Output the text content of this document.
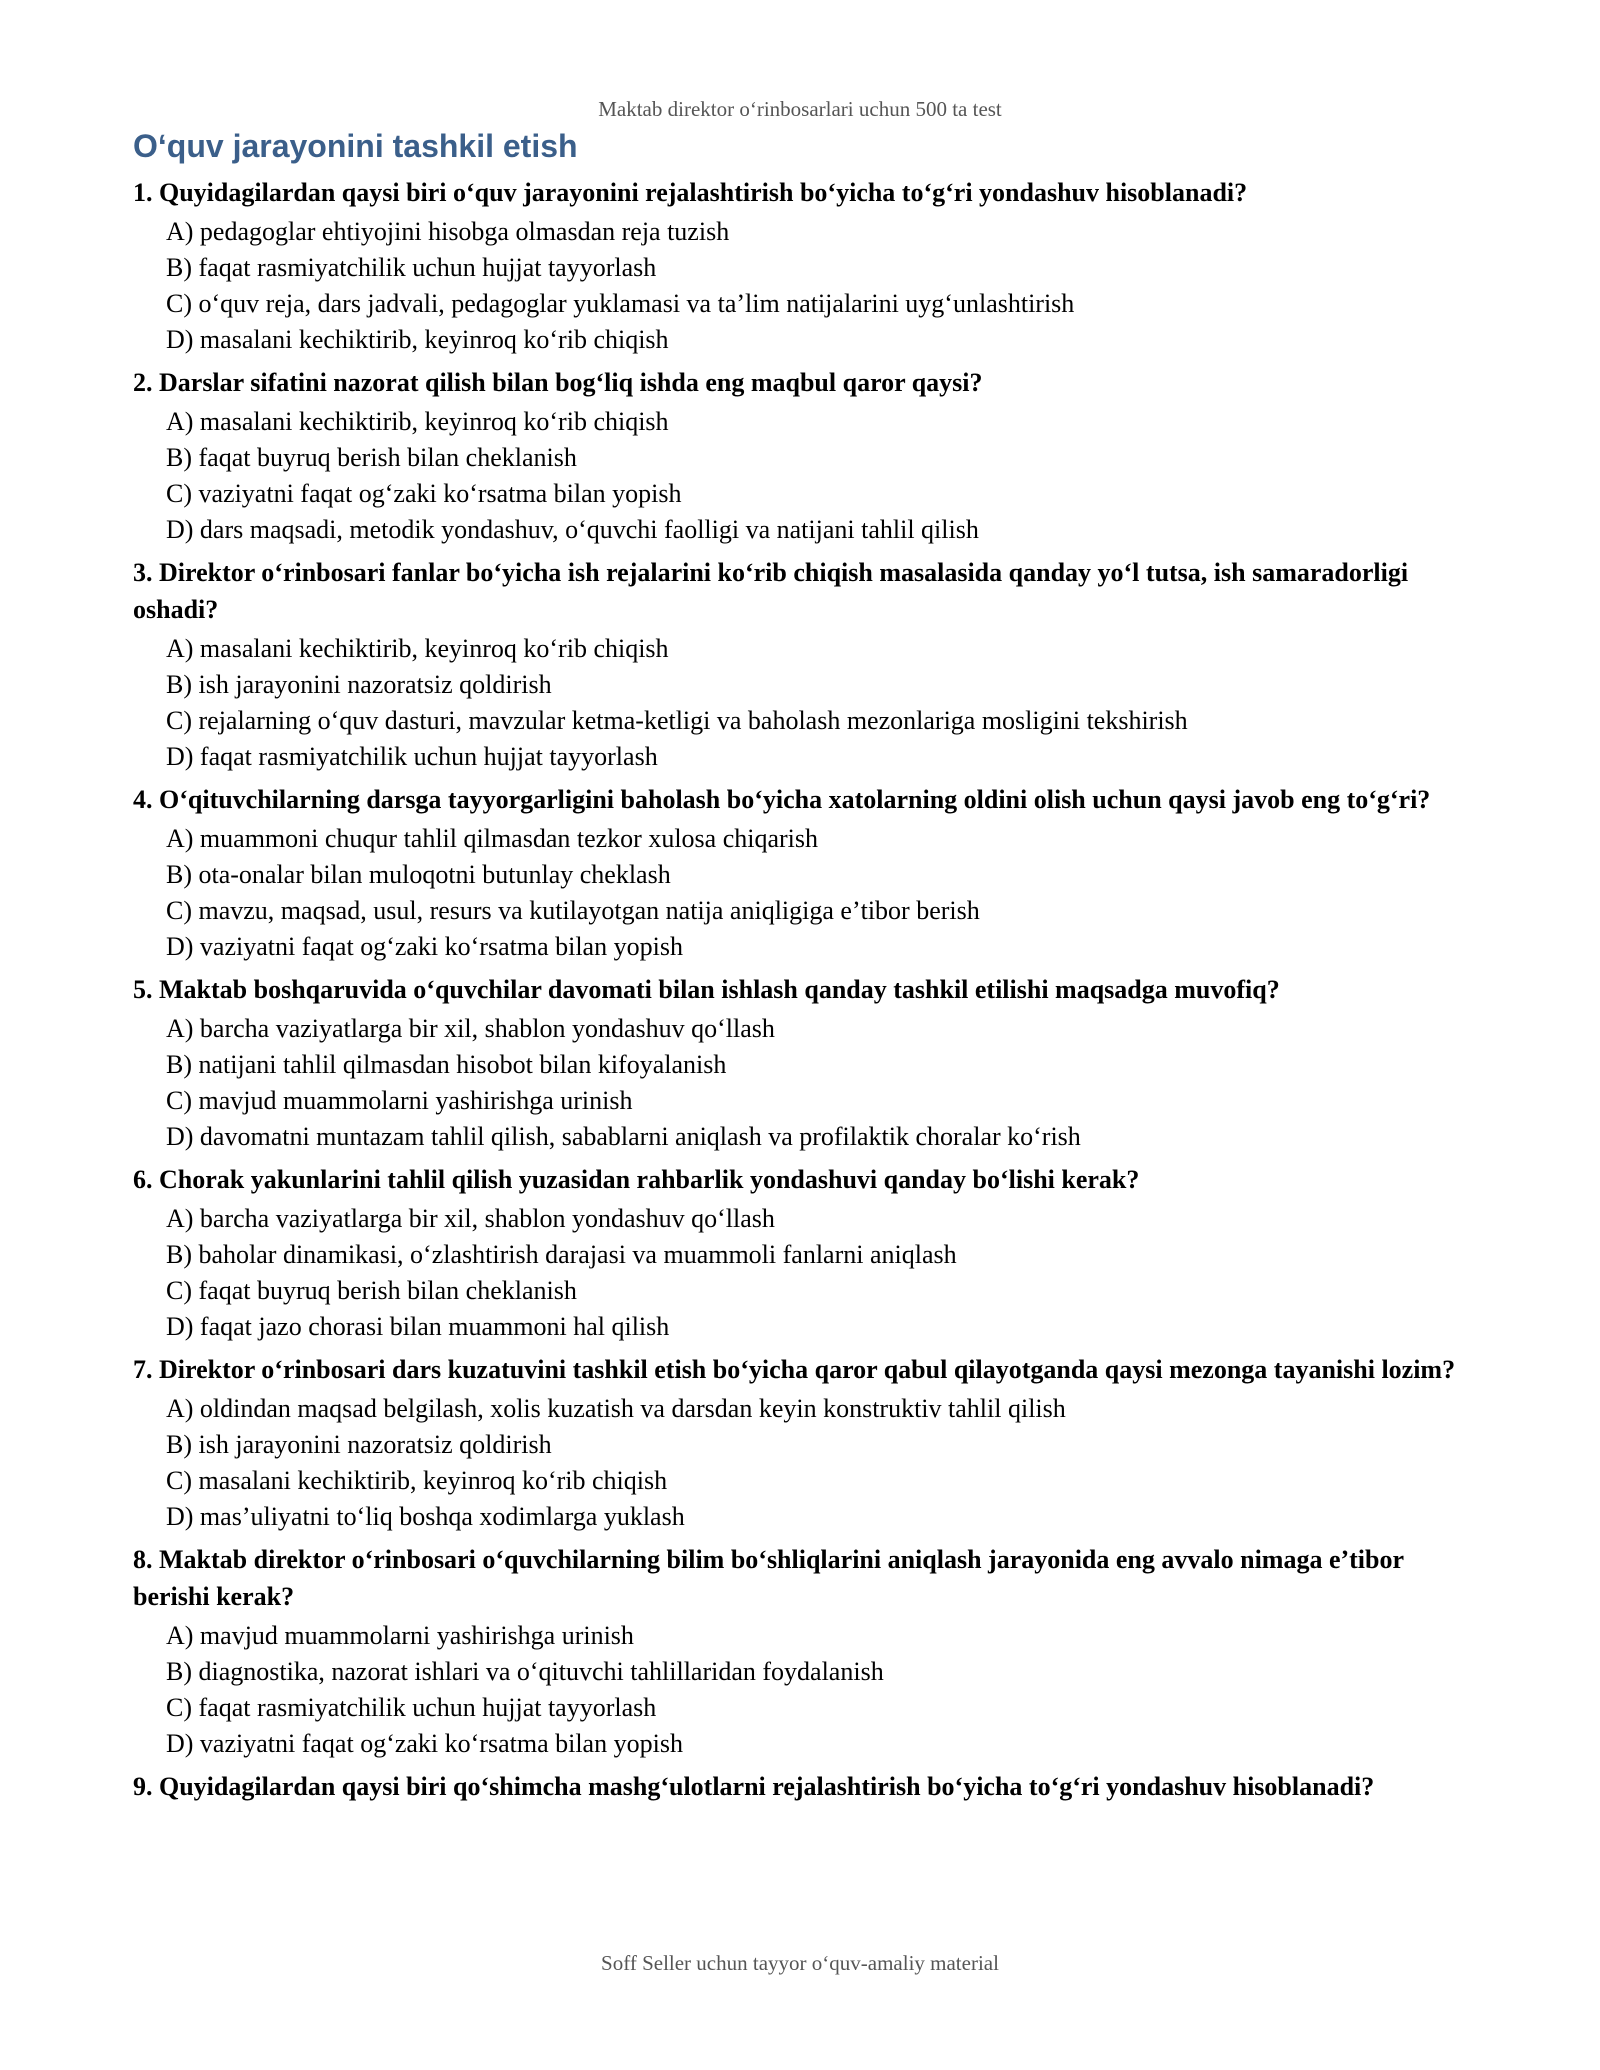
Maktab direktor oʻrinbosarlari uchun 500 ta test
Oʻquv jarayonini tashkil etish

1. Quyidagilardan qaysi biri oʻquv jarayonini rejalashtirish boʻyicha toʻgʻri yondashuv hisoblanadi?

A) pedagoglar ehtiyojini hisobga olmasdan reja tuzish
B) faqat rasmiyatchilik uchun hujjat tayyorlash
C) oʻquv reja, dars jadvali, pedagoglar yuklamasi va taʼlim natijalarini uygʻunlashtirish
D) masalani kechiktirib, keyinroq koʻrib chiqish

2. Darslar sifatini nazorat qilish bilan bogʻliq ishda eng maqbul qaror qaysi?

A) masalani kechiktirib, keyinroq koʻrib chiqish
B) faqat buyruq berish bilan cheklanish
C) vaziyatni faqat ogʻzaki koʻrsatma bilan yopish
D) dars maqsadi, metodik yondashuv, oʻquvchi faolligi va natijani tahlil qilish

3. Direktor oʻrinbosari fanlar boʻyicha ish rejalarini koʻrib chiqish masalasida qanday yoʻl tutsa, ish samaradorligi oshadi?

A) masalani kechiktirib, keyinroq koʻrib chiqish
B) ish jarayonini nazoratsiz qoldirish
C) rejalarning oʻquv dasturi, mavzular ketma-ketligi va baholash mezonlariga mosligini tekshirish
D) faqat rasmiyatchilik uchun hujjat tayyorlash

4. Oʻqituvchilarning darsga tayyorgarligini baholash boʻyicha xatolarning oldini olish uchun qaysi javob eng toʻgʻri?

A) muammoni chuqur tahlil qilmasdan tezkor xulosa chiqarish
B) ota-onalar bilan muloqotni butunlay cheklash
C) mavzu, maqsad, usul, resurs va kutilayotgan natija aniqligiga eʼtibor berish
D) vaziyatni faqat ogʻzaki koʻrsatma bilan yopish

5. Maktab boshqaruvida oʻquvchilar davomati bilan ishlash qanday tashkil etilishi maqsadga muvofiq?

A) barcha vaziyatlarga bir xil, shablon yondashuv qoʻllash
B) natijani tahlil qilmasdan hisobot bilan kifoyalanish
C) mavjud muammolarni yashirishga urinish
D) davomatni muntazam tahlil qilish, sabablarni aniqlash va profilaktik choralar koʻrish

6. Chorak yakunlarini tahlil qilish yuzasidan rahbarlik yondashuvi qanday boʻlishi kerak?

A) barcha vaziyatlarga bir xil, shablon yondashuv qoʻllash
B) baholar dinamikasi, oʻzlashtirish darajasi va muammoli fanlarni aniqlash
C) faqat buyruq berish bilan cheklanish
D) faqat jazo chorasi bilan muammoni hal qilish

7. Direktor oʻrinbosari dars kuzatuvini tashkil etish boʻyicha qaror qabul qilayotganda qaysi mezonga tayanishi lozim?

A) oldindan maqsad belgilash, xolis kuzatish va darsdan keyin konstruktiv tahlil qilish
B) ish jarayonini nazoratsiz qoldirish
C) masalani kechiktirib, keyinroq koʻrib chiqish
D) masʼuliyatni toʻliq boshqa xodimlarga yuklash

8. Maktab direktor oʻrinbosari oʻquvchilarning bilim boʻshliqlarini aniqlash jarayonida eng avvalo nimaga eʼtibor berishi kerak?

A) mavjud muammolarni yashirishga urinish
B) diagnostika, nazorat ishlari va oʻqituvchi tahlillaridan foydalanish
C) faqat rasmiyatchilik uchun hujjat tayyorlash
D) vaziyatni faqat ogʻzaki koʻrsatma bilan yopish

9. Quyidagilardan qaysi biri qoʻshimcha mashgʻulotlarni rejalashtirish boʻyicha toʻgʻri yondashuv hisoblanadi?

Soff Seller uchun tayyor oʻquv-amaliy material
